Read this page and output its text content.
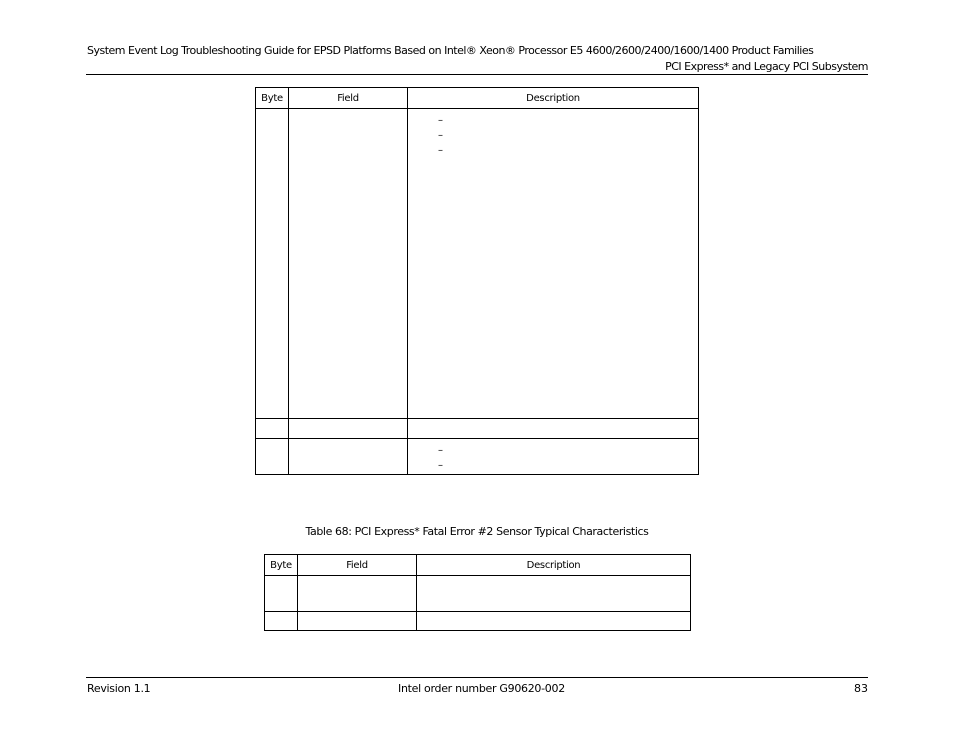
System Event Log Troubleshooting Guide for EPSD Platforms Based on Intel® Xeon® Processor E5 4600/2600/2400/1600/1400 Product Families
PCI Express* and Legacy PCI Subsystem
Byte	Field	Description

		–
–
–

		–
–
Table 68: PCI Express* Fatal Error #2 Sensor Typical Characteristics
Byte	Field	Description

Revision 1.1	Intel order number G90620-002	83
